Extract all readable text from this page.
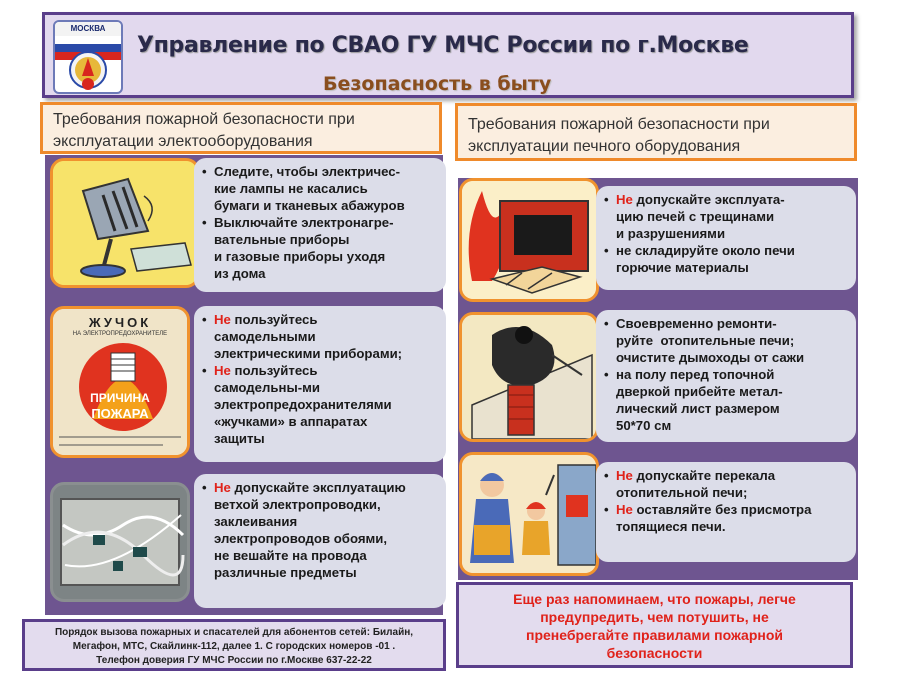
МОСКВА
Управление по СВАО ГУ МЧС России по г.Москве
Безопасность в быту
Требования пожарной безопасности при
эксплуатации электооборудования
Требования пожарной безопасности при
эксплуатации печного оборудования
• Следите, чтобы электричес-
кие лампы не касались
бумаги и тканевых абажуров
• Выключайте электронагре-
вательные приборы
и газовые приборы уходя
из дома
ЖУЧОК
НА ЭЛЕКТРОПРЕДОХРАНИТЕЛЕ
ПРИЧИНА
ПОЖАРА
• Не пользуйтесь
самодельными
электрическими приборами;
• Не пользуйтесь
самодельны-ми
электропредохранителями
«жучками» в аппаратах
защиты
• Не допускайте эксплуатацию
ветхой электропроводки,
заклеивания
электропроводов обоями,
не вешайте на провода
различные предметы
• Не допускайте эксплуата-
цию печей с трещинами
и разрушениями
• не складируйте около печи
горючие материалы
• Своевременно ремонти-
руйте  отопительные печи;
очистите дымоходы от сажи
• на полу перед топочной
дверкой прибейте метал-
лический лист размером
50*70 см
• Не допускайте перекала
отопительной печи;
• Не оставляйте без присмотра
топящиеся печи.
Порядок вызова пожарных и спасателей для абонентов сетей: Билайн,
Мегафон, МТС, Скайлинк-112, далее 1. С городских номеров -01 .
Телефон доверия ГУ МЧС России по г.Москве 637-22-22
Еще раз напоминаем, что пожары, легче
предупредить, чем потушить, не
пренебрегайте правилами пожарной
безопасности
